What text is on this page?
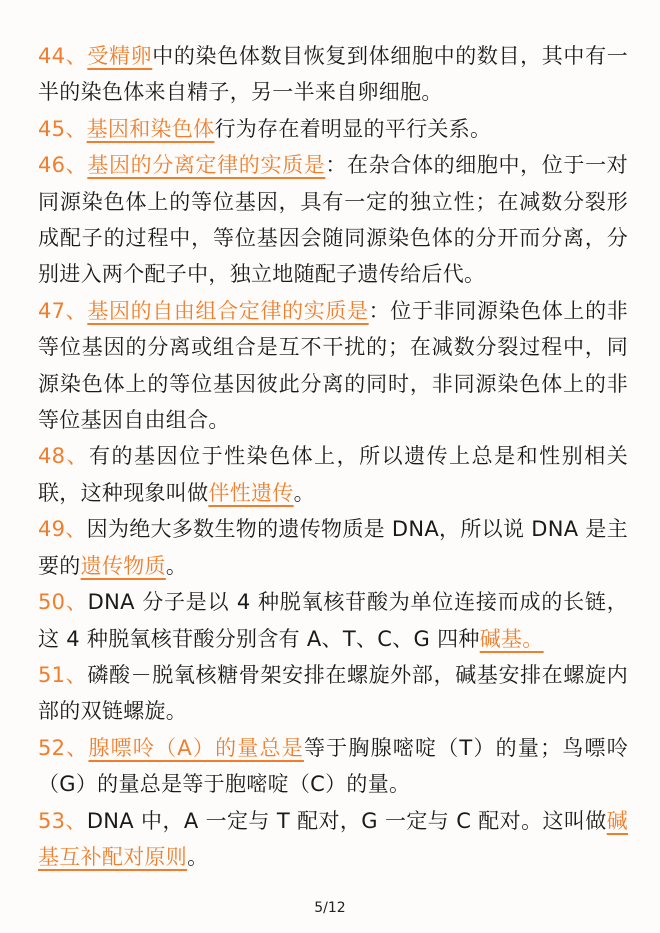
44、受精卵中的染色体数目恢复到体细胞中的数目，其中有一半的染色体来自精子，另一半来自卵细胞。

45、基因和染色体行为存在着明显的平行关系。

46、基因的分离定律的实质是：在杂合体的细胞中，位于一对同源染色体上的等位基因，具有一定的独立性；在减数分裂形成配子的过程中，等位基因会随同源染色体的分开而分离，分别进入两个配子中，独立地随配子遗传给后代。

47、基因的自由组合定律的实质是：位于非同源染色体上的非等位基因的分离或组合是互不干扰的；在减数分裂过程中，同源染色体上的等位基因彼此分离的同时，非同源染色体上的非等位基因自由组合。

48、有的基因位于性染色体上，所以遗传上总是和性别相关联，这种现象叫做伴性遗传。

49、因为绝大多数生物的遗传物质是 DNA，所以说 DNA 是主要的遗传物质。

50、DNA 分子是以 4 种脱氧核苷酸为单位连接而成的长链，这 4 种脱氧核苷酸分别含有 A、T、C、G 四种碱基。

51、磷酸－脱氧核糖骨架安排在螺旋外部，碱基安排在螺旋内部的双链螺旋。

52、腺嘌呤（A）的量总是等于胸腺嘧啶（T）的量；鸟嘌呤（G）的量总是等于胞嘧啶（C）的量。

53、DNA 中，A 一定与 T 配对，G 一定与 C 配对。这叫做碱基互补配对原则。

5/12
